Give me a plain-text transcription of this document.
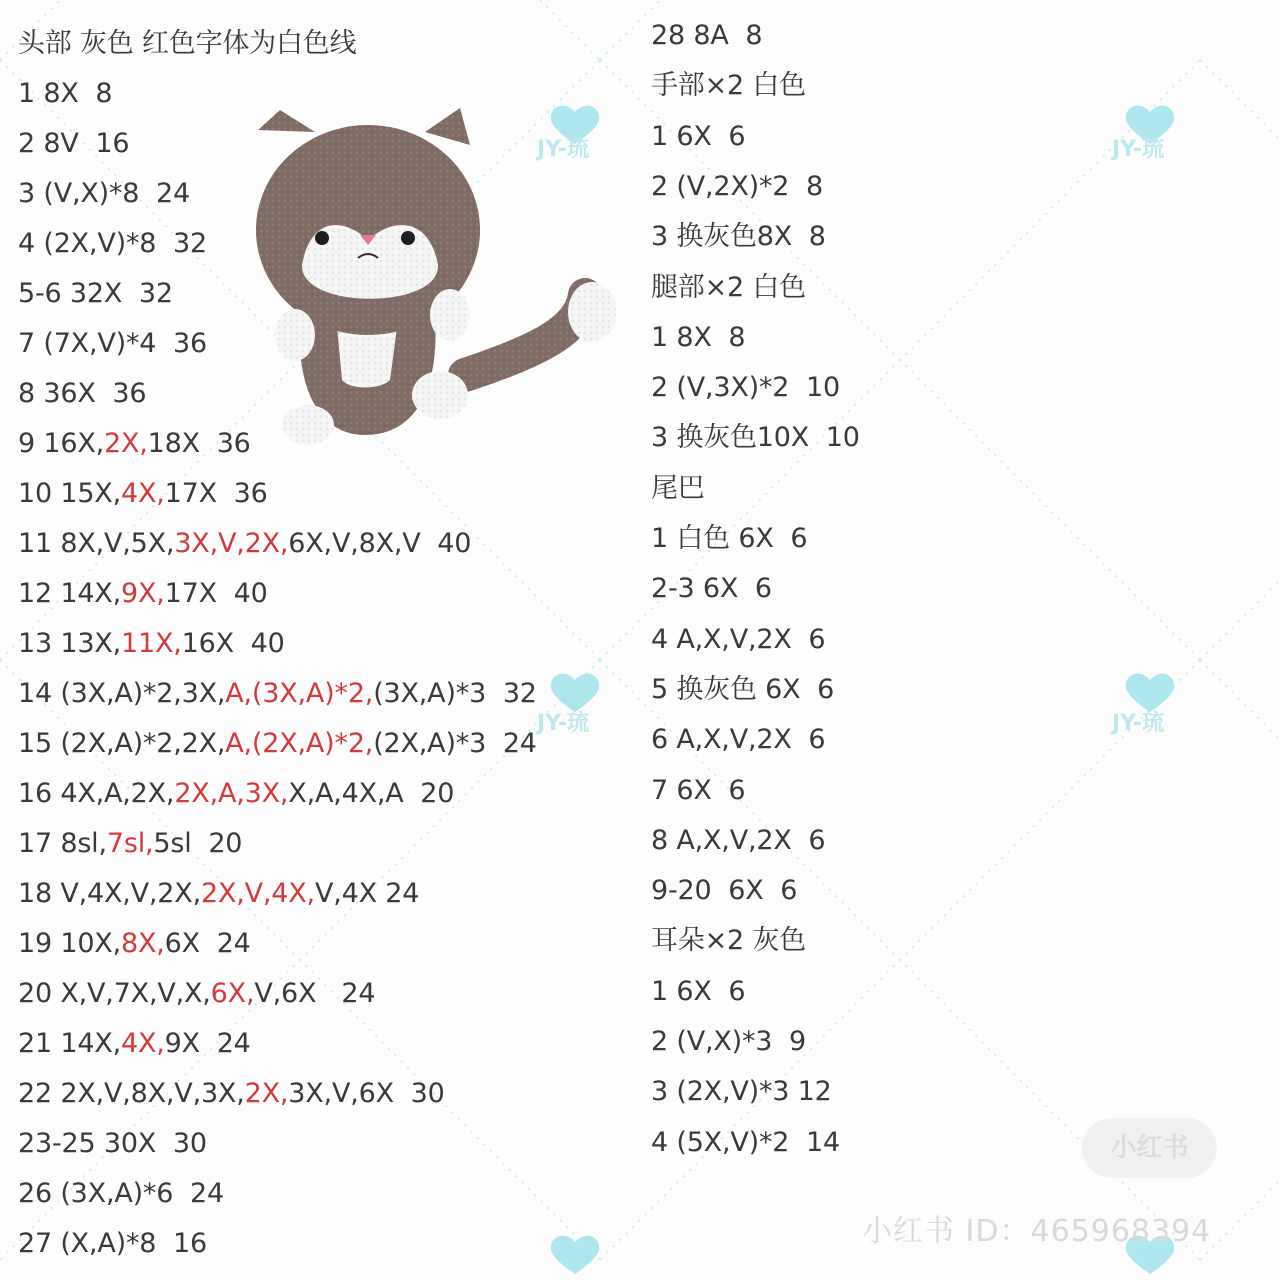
JY-琉	JY-琉
JY-琉	JY-琉
头部 灰色 红色字体为白色线
1 8X  8
2 8V  16
3 (V,X)*8  24
4 (2X,V)*8  32
5-6 32X  32
7 (7X,V)*4  36
8 36X  36
9 16X,2X,18X  36
10 15X,4X,17X  36
11 8X,V,5X,3X,V,2X,6X,V,8X,V  40
12 14X,9X,17X  40
13 13X,11X,16X  40
14 (3X,A)*2,3X,A,(3X,A)*2,(3X,A)*3  32
15 (2X,A)*2,2X,A,(2X,A)*2,(2X,A)*3  24
16 4X,A,2X,2X,A,3X,X,A,4X,A  20
17 8sl,7sl,5sl  20
18 V,4X,V,2X,2X,V,4X,V,4X 24
19 10X,8X,6X  24
20 X,V,7X,V,X,6X,V,6X   24
21 14X,4X,9X  24
22 2X,V,8X,V,3X,2X,3X,V,6X  30
23-25 30X  30
26 (3X,A)*6  24
27 (X,A)*8  16
28 8A  8
手部×2 白色
1 6X  6
2 (V,2X)*2  8
3 换灰色8X  8
腿部×2 白色
1 8X  8
2 (V,3X)*2  10
3 换灰色10X  10
尾巴
1 白色 6X  6
2-3 6X  6
4 A,X,V,2X  6
5 换灰色 6X  6
6 A,X,V,2X  6
7 6X  6
8 A,X,V,2X  6
9-20  6X  6
耳朵×2 灰色
1 6X  6
2 (V,X)*3  9
3 (2X,V)*3 12
4 (5X,V)*2  14	小红书
小红书 ID：465968394
